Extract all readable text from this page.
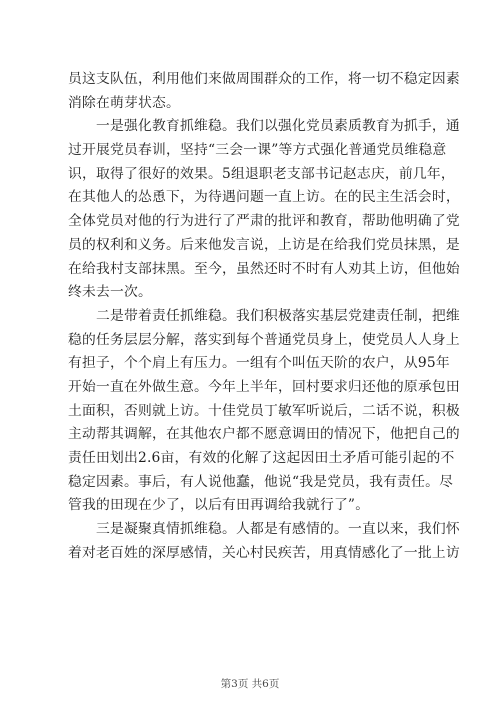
员这支队伍，利用他们来做周围群众的工作，将一切不稳定因素
消除在萌芽状态。
一是强化教育抓维稳。我们以强化党员素质教育为抓手，通
过开展党员春训，坚持“三会一课”等方式强化普通党员维稳意
识，取得了很好的效果。5组退职老支部书记赵志庆，前几年，
在其他人的怂恿下，为待遇问题一直上访。在的民主生活会时，
全体党员对他的行为进行了严肃的批评和教育，帮助他明确了党
员的权利和义务。后来他发言说，上访是在给我们党员抹黑，是
在给我村支部抹黑。至今，虽然还时不时有人劝其上访，但他始
终未去一次。
二是带着责任抓维稳。我们积极落实基层党建责任制，把维
稳的任务层层分解，落实到每个普通党员身上，使党员人人身上
有担子，个个肩上有压力。一组有个叫伍天阶的农户，从95年
开始一直在外做生意。今年上半年，回村要求归还他的原承包田
土面积，否则就上访。十佳党员丁敏军听说后，二话不说，积极
主动帮其调解，在其他农户都不愿意调田的情况下，他把自己的
责任田划出2.6亩，有效的化解了这起因田土矛盾可能引起的不
稳定因素。事后，有人说他蠢，他说“我是党员，我有责任。尽
管我的田现在少了，以后有田再调给我就行了”。
三是凝聚真情抓维稳。人都是有感情的。一直以来，我们怀
着对老百姓的深厚感情，关心村民疾苦，用真情感化了一批上访
第3页 共6页
